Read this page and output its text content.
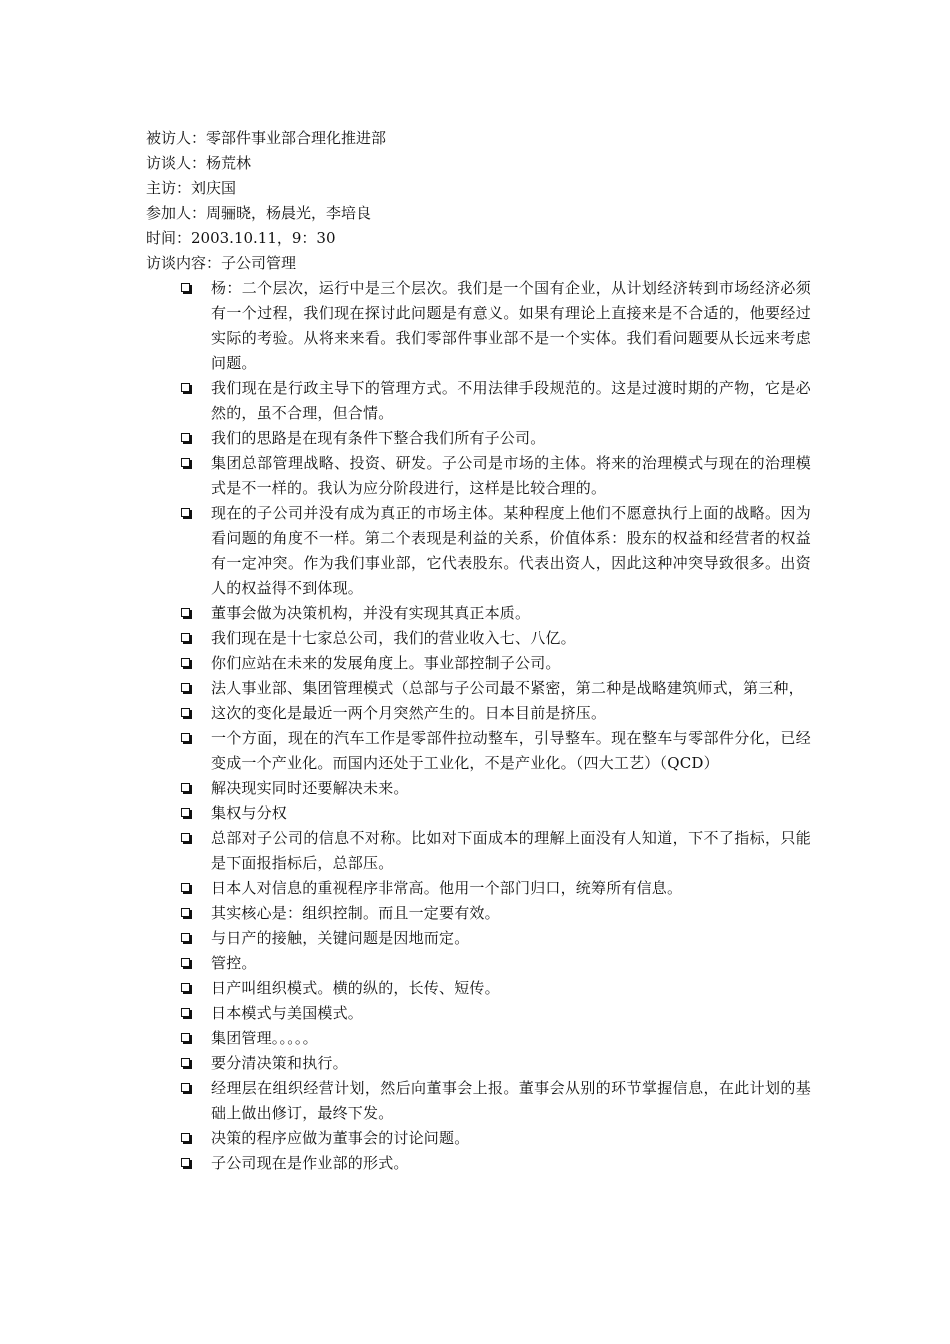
被访人：零部件事业部合理化推进部
访谈人：杨荒林
主访：刘庆国
参加人：周骊晓，杨晨光，李培良
时间：2003.10.11，9：30
访谈内容：子公司管理
杨：二个层次，运行中是三个层次。我们是一个国有企业，从计划经济转到市场经济必须有一个过程，我们现在探讨此问题是有意义。如果有理论上直接来是不合适的，他要经过实际的考验。从将来来看。我们零部件事业部不是一个实体。我们看问题要从长远来考虑问题。
我们现在是行政主导下的管理方式。不用法律手段规范的。这是过渡时期的产物，它是必然的，虽不合理，但合情。
我们的思路是在现有条件下整合我们所有子公司。
集团总部管理战略、投资、研发。子公司是市场的主体。将来的治理模式与现在的治理模式是不一样的。我认为应分阶段进行，这样是比较合理的。
现在的子公司并没有成为真正的市场主体。某种程度上他们不愿意执行上面的战略。因为看问题的角度不一样。第二个表现是利益的关系，价值体系：股东的权益和经营者的权益有一定冲突。作为我们事业部，它代表股东。代表出资人，因此这种冲突导致很多。出资人的权益得不到体现。
董事会做为决策机构，并没有实现其真正本质。
我们现在是十七家总公司，我们的营业收入七、八亿。
你们应站在未来的发展角度上。事业部控制子公司。
法人事业部、集团管理模式（总部与子公司最不紧密，第二种是战略建筑师式，第三种，
这次的变化是最近一两个月突然产生的。日本目前是挤压。
一个方面，现在的汽车工作是零部件拉动整车，引导整车。现在整车与零部件分化，已经变成一个产业化。而国内还处于工业化，不是产业化。（四大工艺）（QCD）
解决现实同时还要解决未来。
集权与分权
总部对子公司的信息不对称。比如对下面成本的理解上面没有人知道，下不了指标，只能是下面报指标后，总部压。
日本人对信息的重视程序非常高。他用一个部门归口，统筹所有信息。
其实核心是：组织控制。而且一定要有效。
与日产的接触，关键问题是因地而定。
管控。
日产叫组织模式。横的纵的，长传、短传。
日本模式与美国模式。
集团管理。。。。。
要分清决策和执行。
经理层在组织经营计划，然后向董事会上报。董事会从别的环节掌握信息，在此计划的基础上做出修订，最终下发。
决策的程序应做为董事会的讨论问题。
子公司现在是作业部的形式。
